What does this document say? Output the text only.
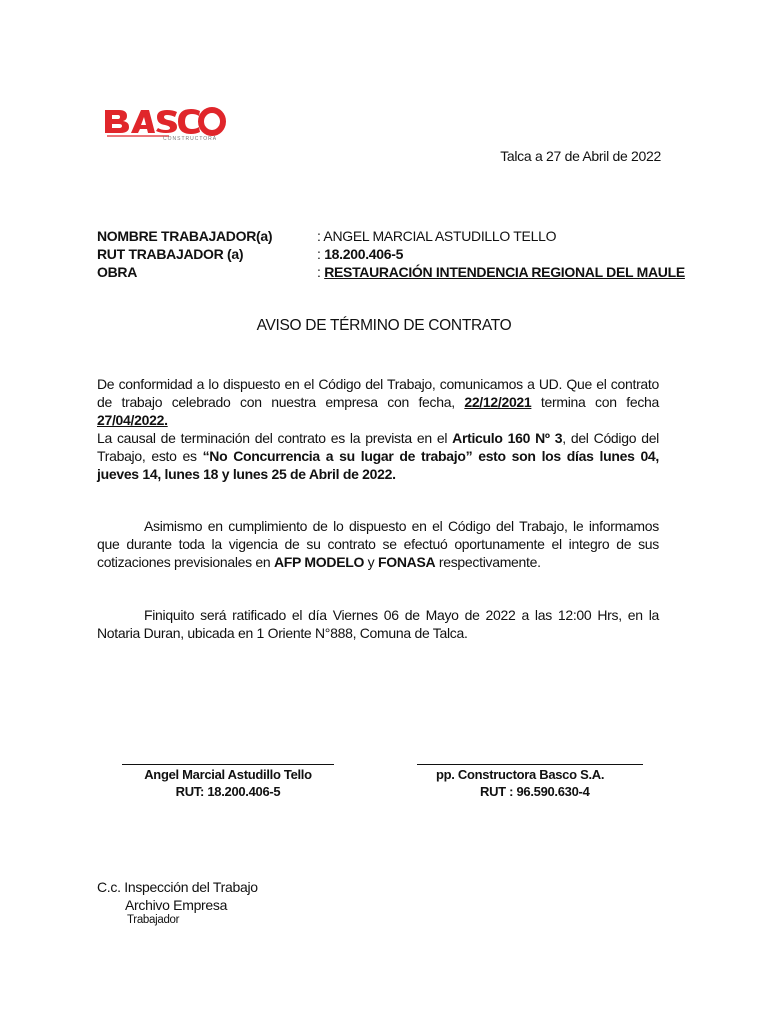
CONSTRUCTORA
Talca a 27 de Abril de 2022
NOMBRE TRABAJADOR(a)	: ANGEL MARCIAL ASTUDILLO TELLO
RUT TRABAJADOR (a)	: 18.200.406-5
OBRA	: RESTAURACIÓN INTENDENCIA REGIONAL DEL MAULE
AVISO DE TÉRMINO DE CONTRATO

De conformidad a lo dispuesto en el Código del Trabajo, comunicamos a UD. Que el contrato de trabajo celebrado con nuestra empresa con fecha, 22/12/2021 termina con fecha 27/04/2022.

La causal de terminación del contrato es la prevista en el Articulo 160 Nº 3, del Código del Trabajo, esto es “No Concurrencia a su lugar de trabajo” esto son los días lunes 04, jueves 14, lunes 18 y lunes 25 de Abril de 2022.

Asimismo en cumplimiento de lo dispuesto en el Código del Trabajo, le informamos que durante toda la vigencia de su contrato se efectuó oportunamente el integro de sus cotizaciones previsionales en AFP MODELO y FONASA respectivamente.

Finiquito será ratificado el día Viernes 06 de Mayo de 2022 a las 12:00 Hrs, en la Notaria Duran, ubicada en 1 Oriente N°888, Comuna de Talca.

Angel Marcial Astudillo Tello
RUT: 18.200.406-5
pp. Constructora Basco S.A.
RUT : 96.590.630-4
C.c. Inspección del Trabajo
Archivo Empresa
Trabajador
